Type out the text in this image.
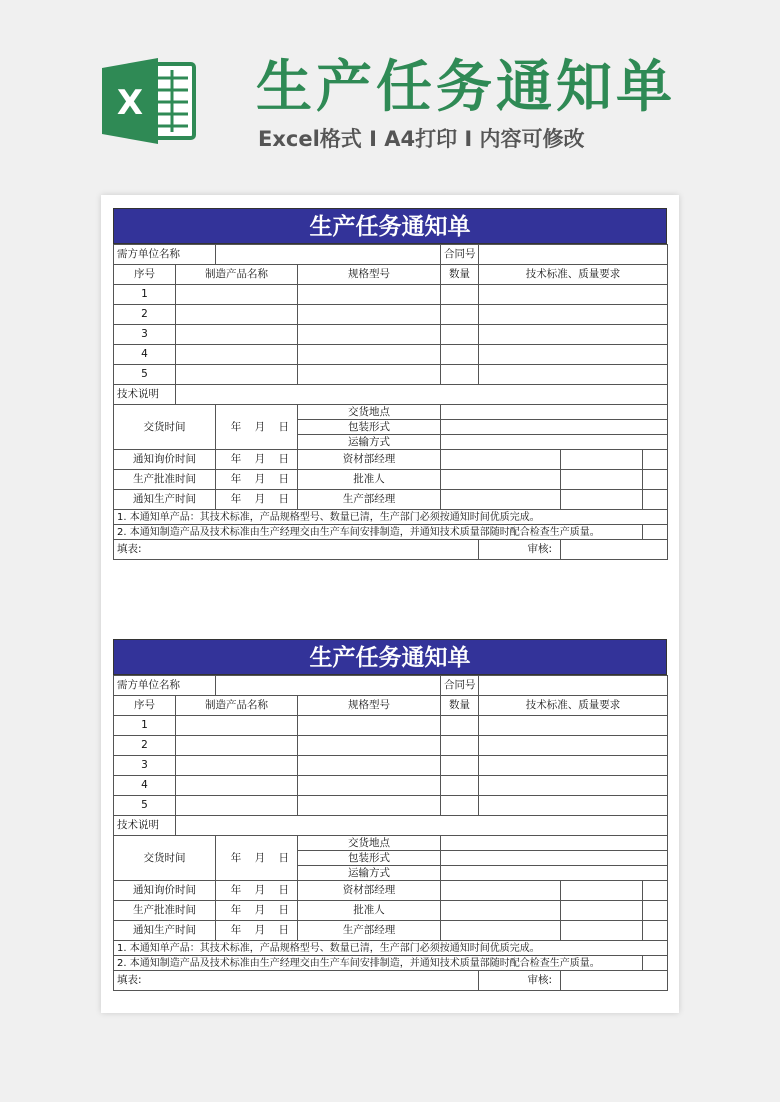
X 生产任务通知单
Excel格式 Ⅰ A4打印 Ⅰ 内容可修改
生产任务通知单
需方单位名称				合同号			
序号	制造产品名称		规格型号	数量	技术标准、质量要求		
1							
2							
3							
4							
5							
技术说明							
交货时间		年 月 日	交货地点				
			包装形式				
			运输方式				
通知询价时间		年 月 日	资材部经理				
生产批准时间		年 月 日	批准人				
通知生产时间		年 月 日	生产部经理				
1. 本通知单产品：其技术标准，产品规格型号、数量已清，生产部门必须按通知时间优质完成。							
2. 本通知制造产品及技术标准由生产经理交由生产车间安排制造，并通知技术质量部随时配合检查生产质量。							
填表:					审核:		
生产任务通知单
需方单位名称				合同号			
序号	制造产品名称		规格型号	数量	技术标准、质量要求		
1							
2							
3							
4							
5							
技术说明							
交货时间		年 月 日	交货地点				
			包装形式				
			运输方式				
通知询价时间		年 月 日	资材部经理				
生产批准时间		年 月 日	批准人				
通知生产时间		年 月 日	生产部经理				
1. 本通知单产品：其技术标准，产品规格型号、数量已清，生产部门必须按通知时间优质完成。							
2. 本通知制造产品及技术标准由生产经理交由生产车间安排制造，并通知技术质量部随时配合检查生产质量。							
填表:					审核:		
